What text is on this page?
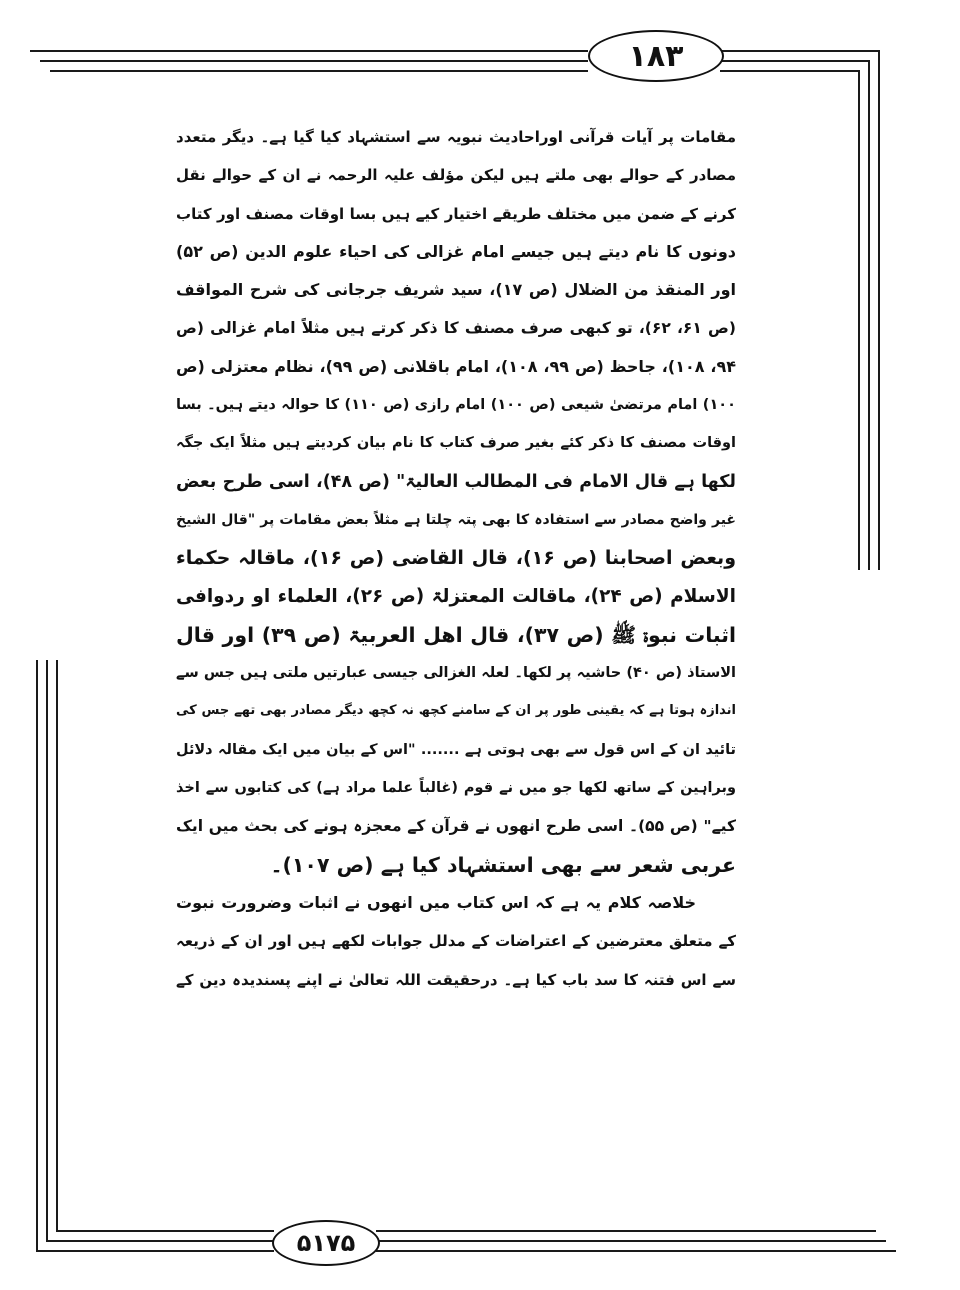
۱۸۳
۵۱۷۵
مقامات پر آیات قرآنی اوراحادیث نبویہ سے استشہاد کیا گیا ہے۔ دیگر متعدد
مصادر کے حوالے بھی ملتے ہیں لیکن مؤلف علیہ الرحمہ نے ان کے حوالے نقل
کرنے کے ضمن میں مختلف طریقے اختیار کیے ہیں بسا اوقات مصنف اور کتاب
دونوں کا نام دیتے ہیں جیسے امام غزالی کی احیاء علوم الدین (ص ۵۲)
اور المنقذ من الضلال (ص ۱۷)، سید شریف جرجانی کی شرح المواقف
(ص ۶۱، ۶۲)، تو کبھی صرف مصنف کا ذکر کرتے ہیں مثلاً امام غزالی (ص
۹۴، ۱۰۸)، جاحظ (ص ۹۹، ۱۰۸)، امام باقلانی (ص ۹۹)، نظام معتزلی (ص
۱۰۰) امام مرتضیٰ شیعی (ص ۱۰۰) امام رازی (ص ۱۱۰) کا حوالہ دیتے ہیں۔ بسا
اوقات مصنف کا ذکر کئے بغیر صرف کتاب کا نام بیان کردیتے ہیں مثلاً ایک جگہ
لکھا ہے قال الامام فی المطالب العالیۃ" (ص ۴۸)، اسی طرح بعض
غیر واضح مصادر سے استفادہ کا بھی پتہ چلتا ہے مثلاً بعض مقامات پر "قال الشیخ
وبعض اصحابنا (ص ۱۶)، قال القاضی (ص ۱۶)، ماقالہ حکماء
الاسلام (ص ۲۴)، ماقالت المعتزلۃ (ص ۲۶)، العلماء او ردوافی
اثبات نبوۃ ﷺ (ص ۳۷)، قال اھل العربیۃ (ص ۳۹) اور قال
الاستاذ (ص ۴۰) حاشیہ پر لکھا۔ لعلہ الغزالی جیسی عبارتیں ملتی ہیں جس سے
اندازہ ہوتا ہے کہ یقینی طور پر ان کے سامنے کچھ نہ کچھ دیگر مصادر بھی تھے جس کی
تائید ان کے اس قول سے بھی ہوتی ہے ....... "اس کے بیان میں ایک مقالہ دلائل
وبراہین کے ساتھ لکھا جو میں نے قوم (غالباً علما مراد ہے) کی کتابوں سے اخذ
کیے" (ص ۵۵)۔ اسی طرح انھوں نے قرآن کے معجزہ ہونے کی بحث میں ایک
عربی شعر سے بھی استشہاد کیا ہے (ص ۱۰۷)۔
خلاصہ کلام یہ ہے کہ اس کتاب میں انھوں نے اثبات وضرورت نبوت
کے متعلق معترضین کے اعتراضات کے مدلل جوابات لکھے ہیں اور ان کے ذریعہ
سے اس فتنہ کا سد باب کیا ہے۔ درحقیقت اللہ تعالیٰ نے اپنے پسندیدہ دین کے
